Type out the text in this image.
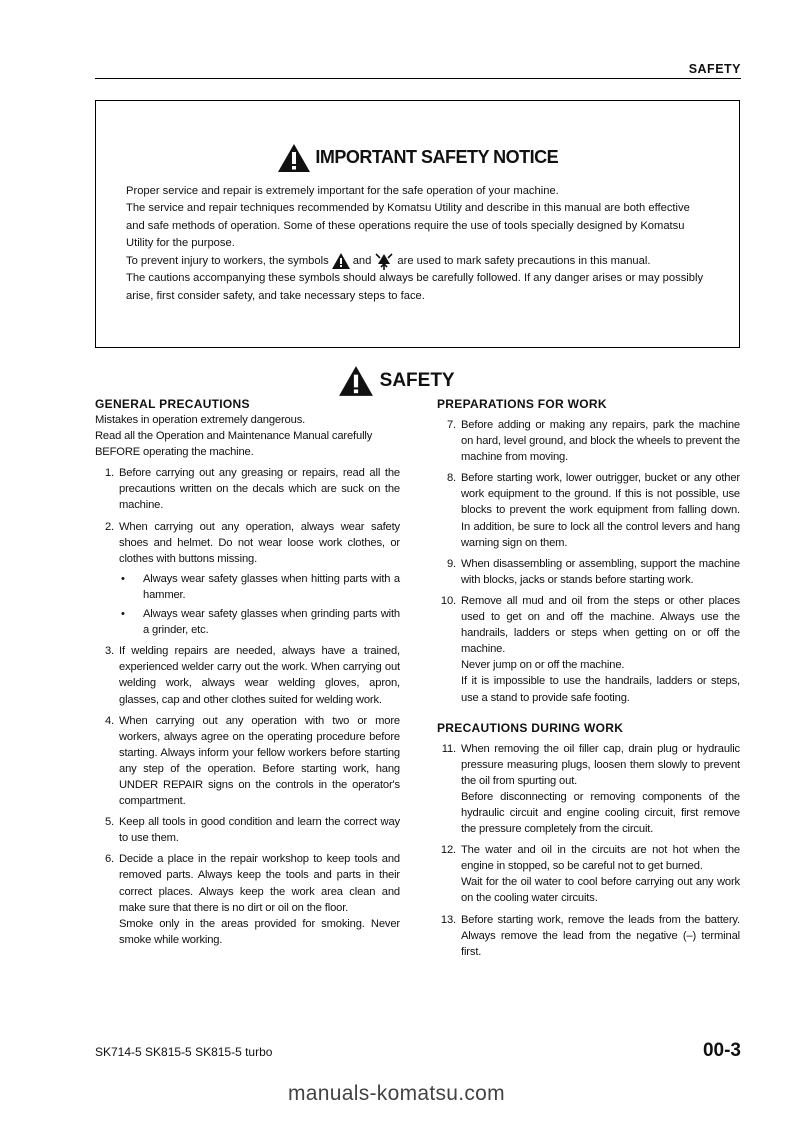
SAFETY
IMPORTANT SAFETY NOTICE

Proper service and repair is extremely important for the safe operation of your machine.

The service and repair techniques recommended by Komatsu Utility and describe in this manual are both effective and safe methods of operation. Some of these operations require the use of tools specially designed by Komatsu Utility for the purpose.

To prevent injury to workers, the symbols and are used to mark safety precautions in this manual.

The cautions accompanying these symbols should always be carefully followed. If any danger arises or may possibly arise, first consider safety, and take necessary steps to face.

SAFETY
GENERAL PRECAUTIONS

Mistakes in operation extremely dangerous.

Read all the Operation and Maintenance Manual carefully BEFORE operating the machine.

1. Before carrying out any greasing or repairs, read all the precautions written on the decals which are suck on the machine.

2. When carrying out any operation, always wear safety shoes and helmet. Do not wear loose work clothes, or clothes with buttons missing.

• Always wear safety glasses when hitting parts with a hammer.
• Always wear safety glasses when grinding parts with a grinder, etc.
3. If welding repairs are needed, always have a trained, experienced welder carry out the work. When carrying out welding work, always wear welding gloves, apron, glasses, cap and other clothes suited for welding work.

4. When carrying out any operation with two or more workers, always agree on the operating procedure before starting. Always inform your fellow workers before starting any step of the operation. Before starting work, hang UNDER REPAIR signs on the controls in the operator's compartment.

5. Keep all tools in good condition and learn the correct way to use them.

6. Decide a place in the repair workshop to keep tools and removed parts. Always keep the tools and parts in their correct places. Always keep the work area clean and make sure that there is no dirt or oil on the floor.

Smoke only in the areas provided for smoking. Never smoke while working.

PREPARATIONS FOR WORK
7. Before adding or making any repairs, park the machine on hard, level ground, and block the wheels to prevent the machine from moving.

8. Before starting work, lower outrigger, bucket or any other work equipment to the ground. If this is not possible, use blocks to prevent the work equipment from falling down. In addition, be sure to lock all the control levers and hang warning sign on them.

9. When disassembling or assembling, support the machine with blocks, jacks or stands before starting work.

10. Remove all mud and oil from the steps or other places used to get on and off the machine. Always use the handrails, ladders or steps when getting on or off the machine.

Never jump on or off the machine.

If it is impossible to use the handrails, ladders or steps, use a stand to provide safe footing.

PRECAUTIONS DURING WORK
11. When removing the oil filler cap, drain plug or hydraulic pressure measuring plugs, loosen them slowly to prevent the oil from spurting out.

Before disconnecting or removing components of the hydraulic circuit and engine cooling circuit, first remove the pressure completely from the circuit.

12. The water and oil in the circuits are not hot when the engine in stopped, so be careful not to get burned.

Wait for the oil water to cool before carrying out any work on the cooling water circuits.

13. Before starting work, remove the leads from the battery. Always remove the lead from the negative (–) terminal first.

SK714-5 SK815-5 SK815-5 turbo	00-3
manuals-komatsu.com
